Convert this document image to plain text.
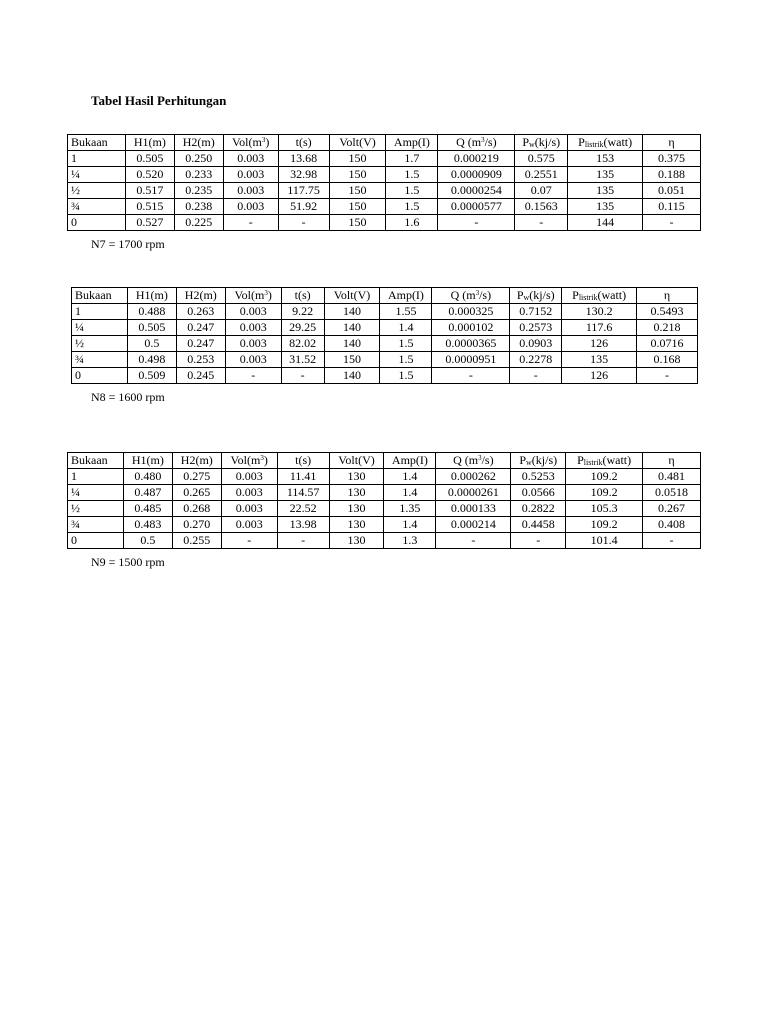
Tabel Hasil Perhitungan
Bukaan	H1(m)	H2(m)	$Vol(m^3)$	t(s)	Volt(V)	Amp(I)	Q $(m^3/s)$	$P_w(kj/s)$	$P_{listrik}(watt)$	η
1	0.505	0.250	0.003	13.68	150	1.7	0.000219	0.575	153	0.375
¼	0.520	0.233	0.003	32.98	150	1.5	0.0000909	0.2551	135	0.188
½	0.517	0.235	0.003	117.75	150	1.5	0.0000254	0.07	135	0.051
¾	0.515	0.238	0.003	51.92	150	1.5	0.0000577	0.1563	135	0.115
0	0.527	0.225	-	-	150	1.6	-	-	144	-
N7 = 1700 rpm
Bukaan	H1(m)	H2(m)	$Vol(m^3)$	t(s)	Volt(V)	Amp(I)	Q $(m^3/s)$	$P_w(kj/s)$	$P_{listrik}(watt)$	η
1	0.488	0.263	0.003	9.22	140	1.55	0.000325	0.7152	130.2	0.5493
¼	0.505	0.247	0.003	29.25	140	1.4	0.000102	0.2573	117.6	0.218
½	0.5	0.247	0.003	82.02	140	1.5	0.0000365	0.0903	126	0.0716
¾	0.498	0.253	0.003	31.52	150	1.5	0.0000951	0.2278	135	0.168
0	0.509	0.245	-	-	140	1.5	-	-	126	-
N8 = 1600 rpm
Bukaan	H1(m)	H2(m)	$Vol(m^3)$	t(s)	Volt(V)	Amp(I)	Q $(m^3/s)$	$P_w(kj/s)$	$P_{listrik}(watt)$	η
1	0.480	0.275	0.003	11.41	130	1.4	0.000262	0.5253	109.2	0.481
¼	0.487	0.265	0.003	114.57	130	1.4	0.0000261	0.0566	109.2	0.0518
½	0.485	0.268	0.003	22.52	130	1.35	0.000133	0.2822	105.3	0.267
¾	0.483	0.270	0.003	13.98	130	1.4	0.000214	0.4458	109.2	0.408
0	0.5	0.255	-	-	130	1.3	-	-	101.4	-
N9 = 1500 rpm
